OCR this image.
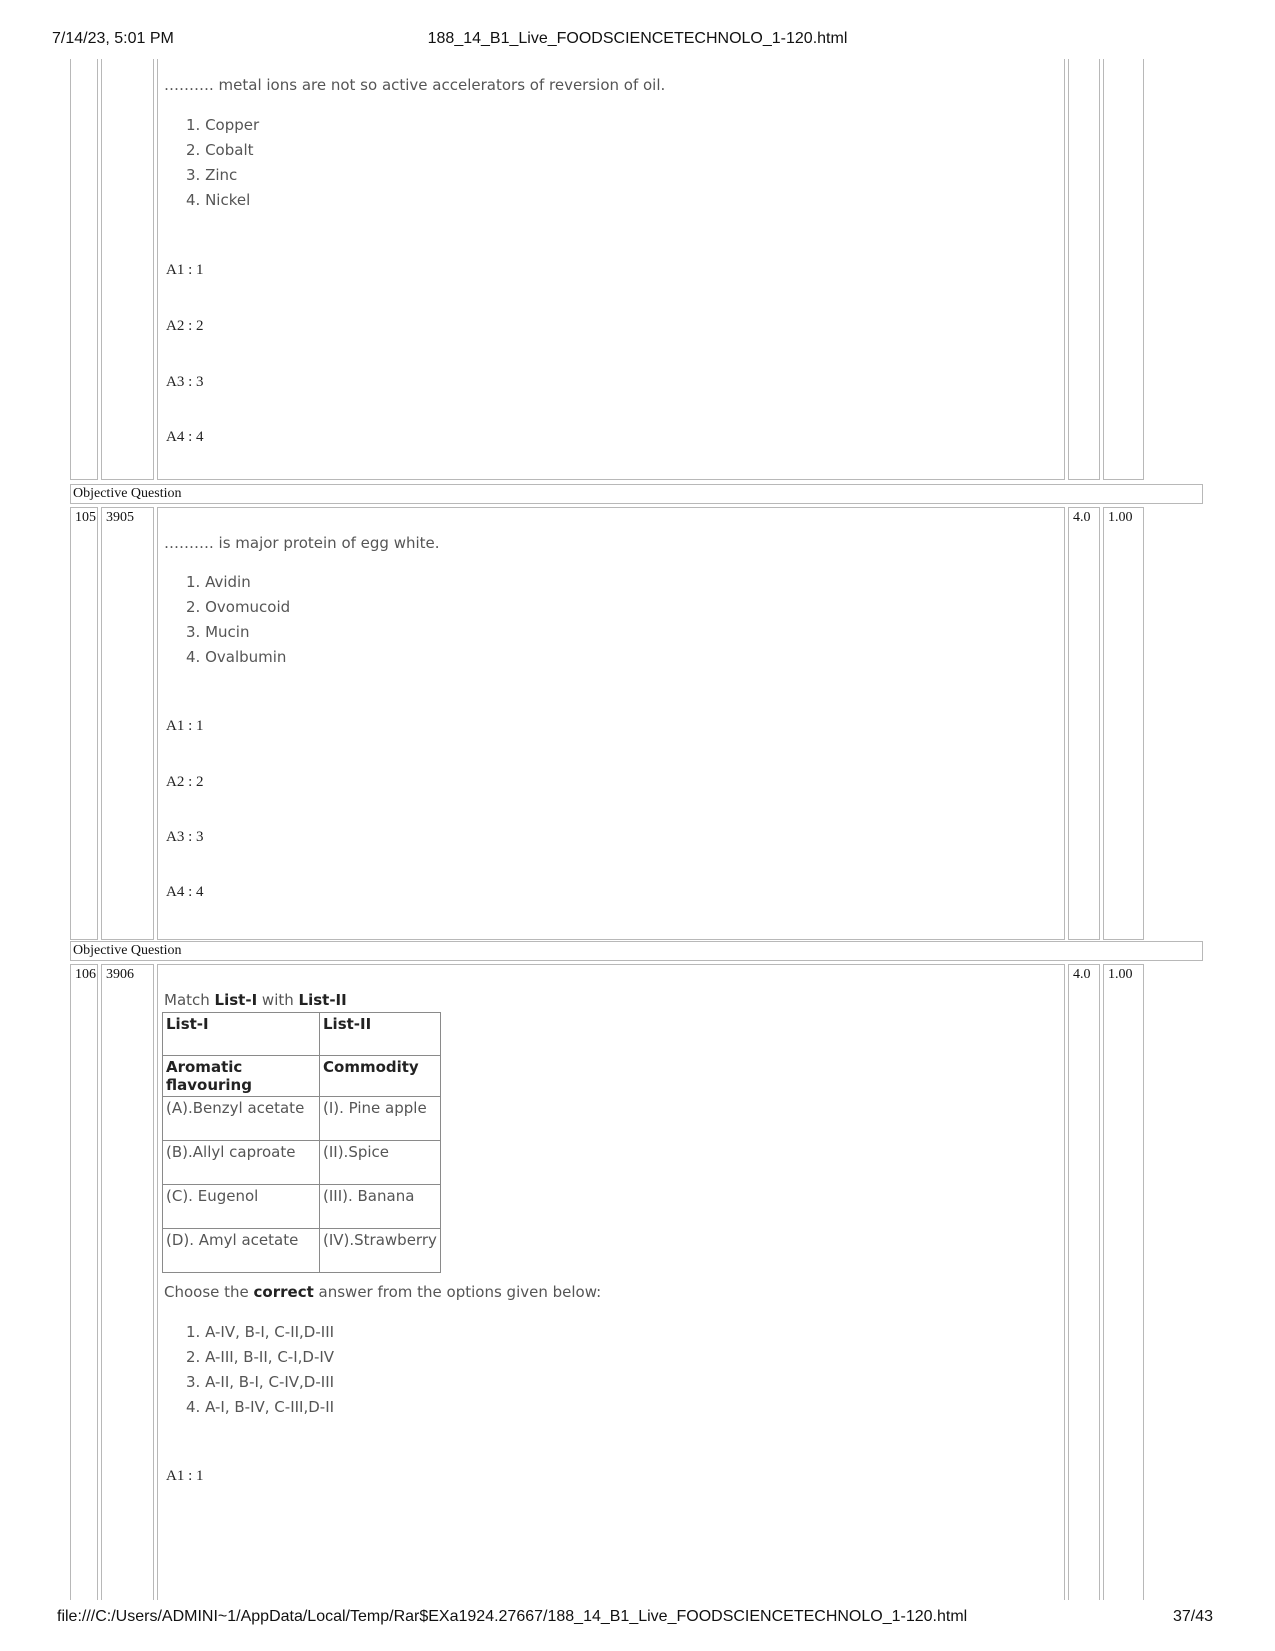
7/14/23, 5:01 PM	188_14_B1_Live_FOODSCIENCETECHNOLO_1-120.html
………. metal ions are not so active accelerators of reversion of oil.
1. Copper
2. Cobalt
3. Zinc
4. Nickel
A1 : 1
A2 : 2
A3 : 3
A4 : 4
Objective Question
105 3905
………. is major protein of egg white.
1. Avidin
2. Ovomucoid
3. Mucin
4. Ovalbumin
A1 : 1
A2 : 2
A3 : 3
A4 : 4
4.0	1.00
Objective Question
106 3906
Match List-I with List-II
List-I	List-II
Aromatic flavouring	Commodity
(A).Benzyl acetate	(I). Pine apple
(B).Allyl caproate	(II).Spice
(C). Eugenol	(III). Banana
(D). Amyl acetate	(IV).Strawberry
Choose the correct answer from the options given below:
1. A-IV, B-I, C-II,D-III
2. A-III, B-II, C-I,D-IV
3. A-II, B-I, C-IV,D-III
4. A-I, B-IV, C-III,D-II
A1 : 1
4.0	1.00
file:///C:/Users/ADMINI~1/AppData/Local/Temp/Rar$EXa1924.27667/188_14_B1_Live_FOODSCIENCETECHNOLO_1-120.html	37/43
